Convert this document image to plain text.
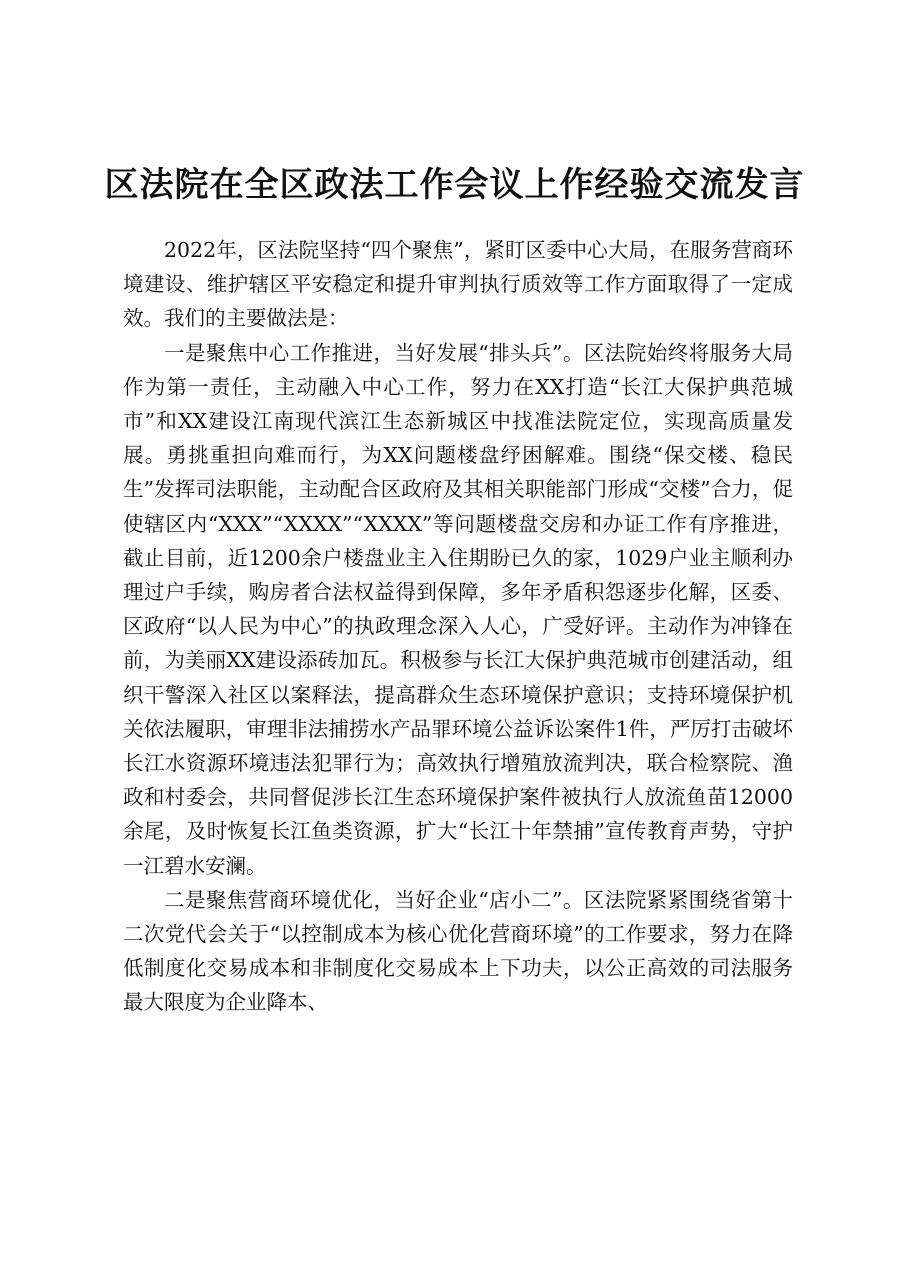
区法院在全区政法工作会议上作经验交流发言

2022年，区法院坚持“四个聚焦”，紧盯区委中心大局，在服务营商环境建设、维护辖区平安稳定和提升审判执行质效等工作方面取得了一定成效。我们的主要做法是：

一是聚焦中心工作推进，当好发展“排头兵”。区法院始终将服务大局作为第一责任，主动融入中心工作，努力在XX打造“长江大保护典范城市”和XX建设江南现代滨江生态新城区中找准法院定位，实现高质量发展。勇挑重担向难而行，为XX问题楼盘纾困解难。围绕“保交楼、稳民生”发挥司法职能，主动配合区政府及其相关职能部门形成“交楼”合力，促使辖区内“XXX”“XXXX”“XXXX”等问题楼盘交房和办证工作有序推进，截止目前，近1200余户楼盘业主入住期盼已久的家，1029户业主顺利办理过户手续，购房者合法权益得到保障，多年矛盾积怨逐步化解，区委、区政府“以人民为中心”的执政理念深入人心，广受好评。主动作为冲锋在前，为美丽XX建设添砖加瓦。积极参与长江大保护典范城市创建活动，组织干警深入社区以案释法，提高群众生态环境保护意识；支持环境保护机关依法履职，审理非法捕捞水产品罪环境公益诉讼案件1件，严厉打击破坏长江水资源环境违法犯罪行为；高效执行增殖放流判决，联合检察院、渔政和村委会，共同督促涉长江生态环境保护案件被执行人放流鱼苗12000余尾，及时恢复长江鱼类资源，扩大“长江十年禁捕”宣传教育声势，守护一江碧水安澜。

二是聚焦营商环境优化，当好企业“店小二”。区法院紧紧围绕省第十二次党代会关于“以控制成本为核心优化营商环境”的工作要求，努力在降低制度化交易成本和非制度化交易成本上下功夫，以公正高效的司法服务最大限度为企业降本、
